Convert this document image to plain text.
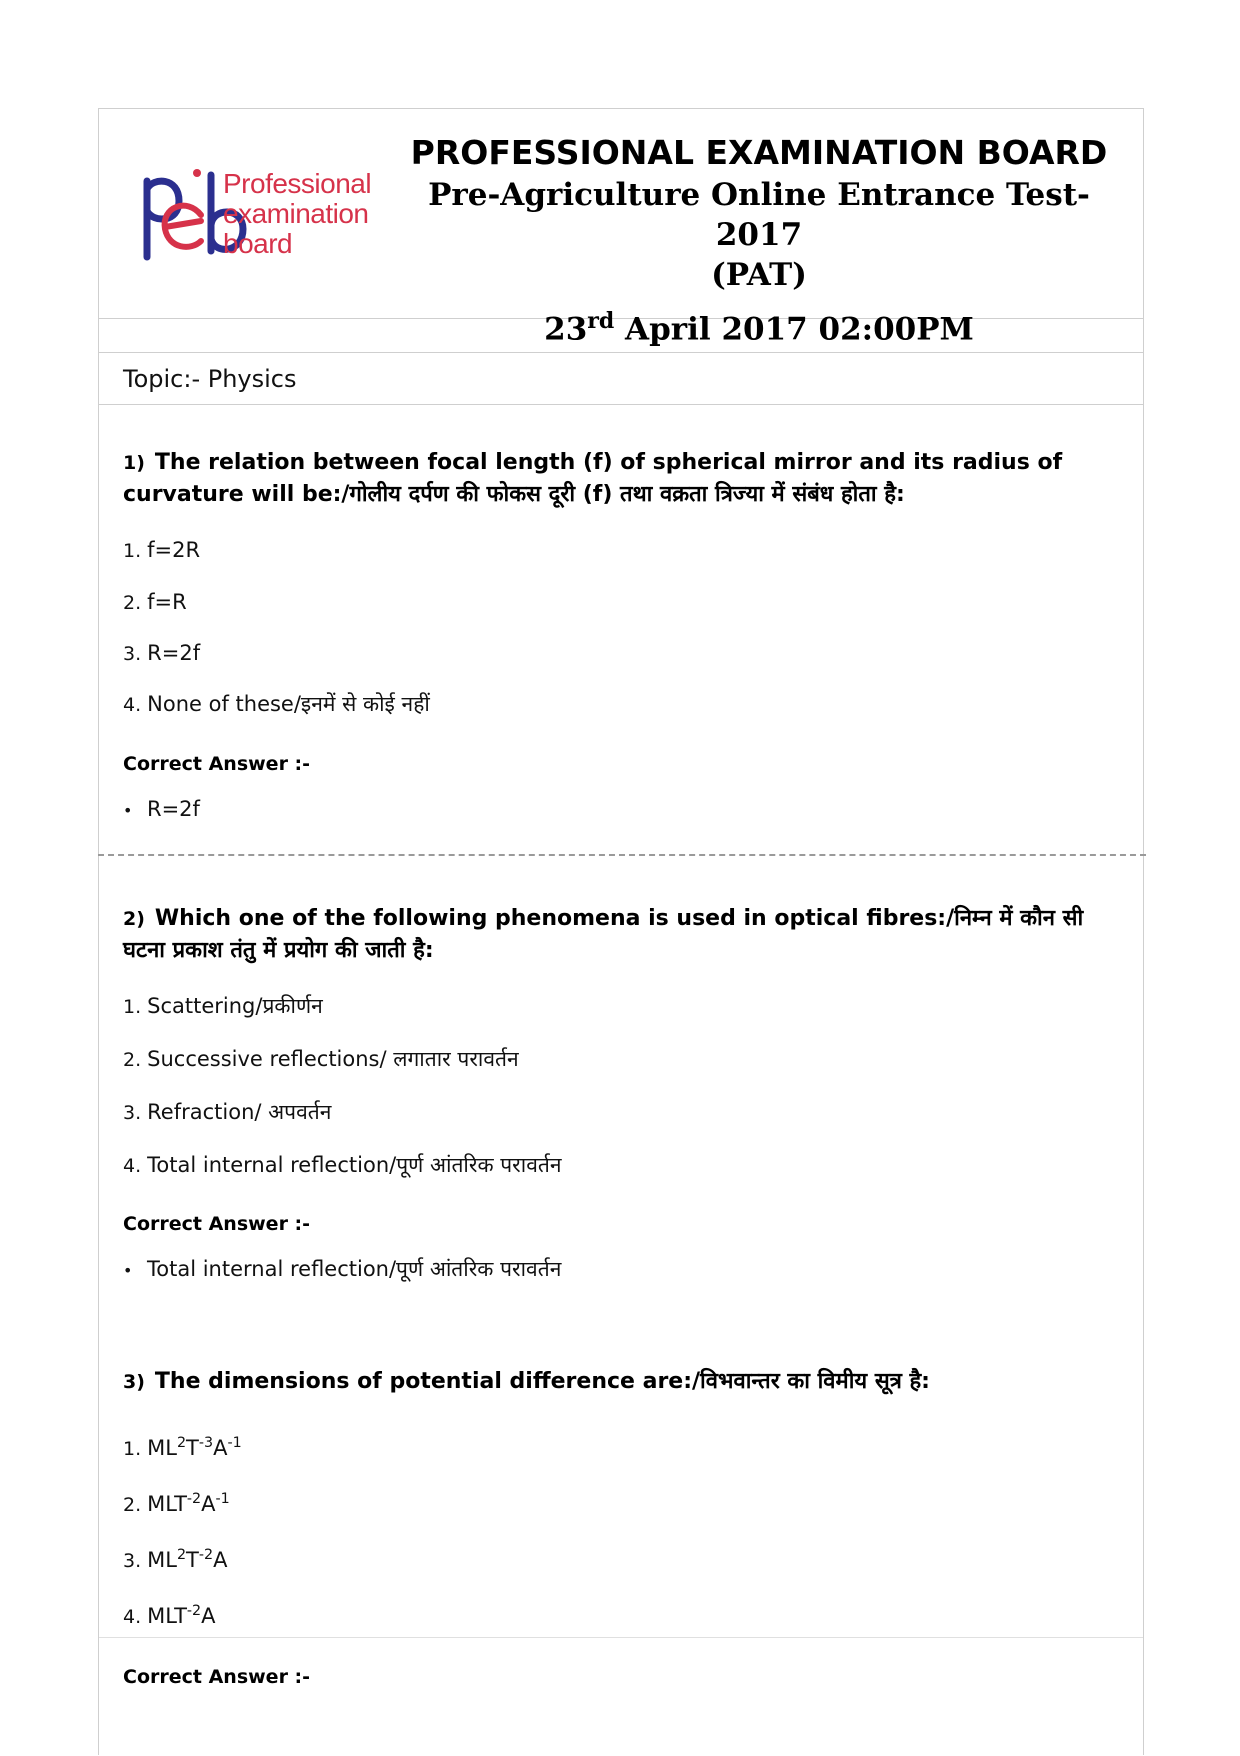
Professional
examination
board
PROFESSIONAL EXAMINATION BOARD
Pre-Agriculture Online Entrance Test- 2017
(PAT)
23rd April 2017 02:00PM
Topic:- Physics
1) The relation between focal length (f) of spherical mirror and its radius of curvature will be:/गोलीय दर्पण की फोकस दूरी (f) तथा वक्रता त्रिज्या में संबंध होता है:
1. f=2R
2. f=R
3. R=2f
4. None of these/इनमें से कोई नहीं
Correct Answer :-
• R=2f
2) Which one of the following phenomena is used in optical fibres:/निम्न में कौन सी घटना प्रकाश तंतु में प्रयोग की जाती है:
1. Scattering/प्रकीर्णन
2. Successive reflections/ लगातार परावर्तन
3. Refraction/ अपवर्तन
4. Total internal reflection/पूर्ण आंतरिक परावर्तन
Correct Answer :-
• Total internal reflection/पूर्ण आंतरिक परावर्तन
3) The dimensions of potential difference are:/विभवान्तर का विमीय सूत्र है:
1. $ML^2T^{-3}A^{-1}$
2. $MLT^{-2}A^{-1}$
3. $ML^2T^{-2}A$
4. $MLT^{-2}A$
Correct Answer :-
